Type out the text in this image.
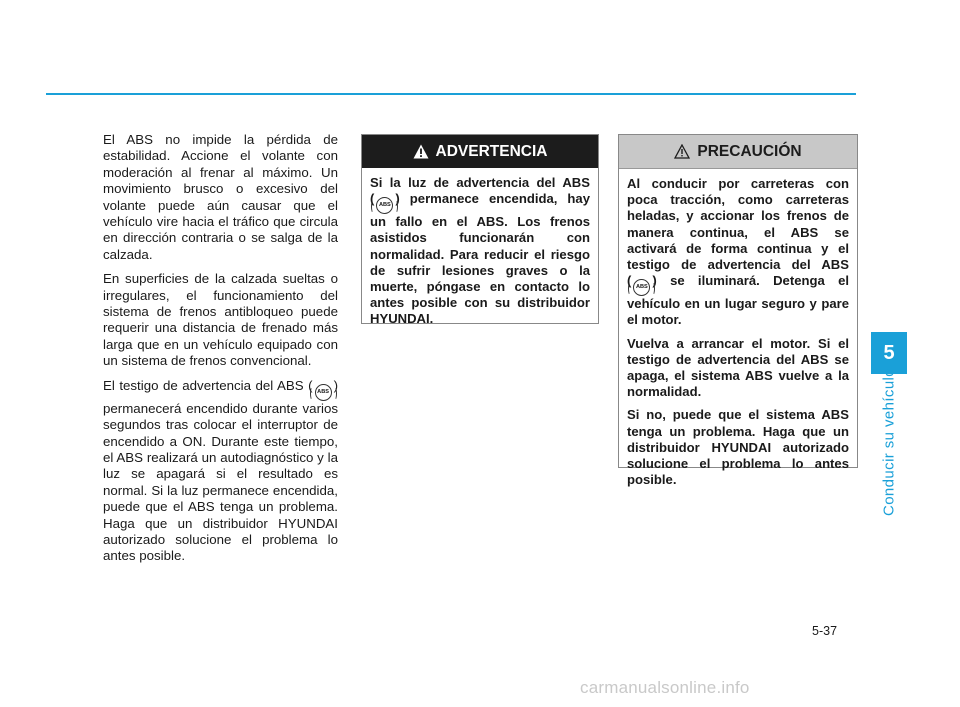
El ABS no impide la pérdida de estabilidad. Accione el volante con moderación al frenar al máximo. Un movimiento brusco o excesivo del volante puede aún causar que el vehículo vire hacia el tráfico que circula en dirección contraria o se salga de la calzada.

En superficies de la calzada sueltas o irregulares, el funcionamiento del sistema de frenos antibloqueo puede requerir una distancia de frenado más larga que en un vehículo equipado con un sistema de frenos convencional.

El testigo de advertencia del ABS ( ABS ) permanecerá encendido durante varios segundos tras colocar el interruptor de encendido a ON. Durante este tiempo, el ABS realizará un autodiagnóstico y la luz se apagará si el resultado es normal. Si la luz permanece encendida, puede que el ABS tenga un problema. Haga que un distribuidor HYUNDAI autorizado solucione el problema lo antes posible.

ADVERTENCIA

Si la luz de advertencia del ABS ( ABS ) permanece encendida, hay un fallo en el ABS. Los frenos asistidos funcionarán con normalidad. Para reducir el riesgo de sufrir lesiones graves o la muerte, póngase en contacto lo antes posible con su distribuidor HYUNDAI.

PRECAUCIÓN

Al conducir por carreteras con poca tracción, como carreteras heladas, y accionar los frenos de manera continua, el ABS se activará de forma continua y el testigo de advertencia del ABS ( ABS ) se iluminará. Detenga el vehículo en un lugar seguro y pare el motor.

Vuelva a arrancar el motor. Si el testigo de advertencia del ABS se apaga, el sistema ABS vuelve a la normalidad.

Si no, puede que el sistema ABS tenga un problema. Haga que un distribuidor HYUNDAI autorizado solucione el problema lo antes posible.

5
Conducir su vehículo
5-37
carmanualsonline.info
